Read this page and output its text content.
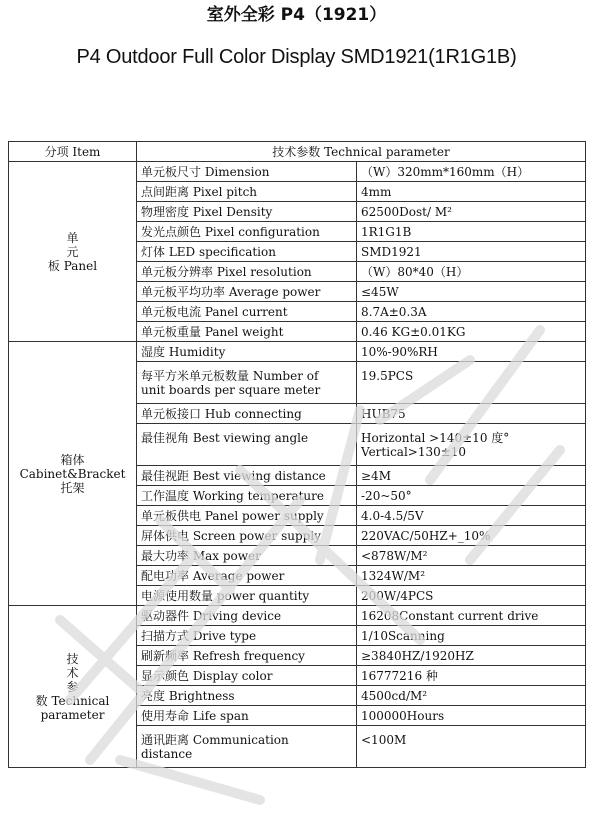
室外全彩 P4（1921）
P4 Outdoor Full Color Display SMD1921(1R1G1B)
分项 Item	技术参数 Technical parameter	

单
元
板 Panel	单元板尺寸 Dimension	（W）320mm*160mm（H）

	点间距离 Pixel pitch	4mm

	物理密度 Pixel Density	62500Dost/ M²

	发光点颜色 Pixel configuration	1R1G1B

	灯体 LED specification	SMD1921

	单元板分辨率 Pixel resolution	（W）80*40（H）

	单元板平均功率 Average power	≤45W

	单元板电流 Panel current	8.7A±0.3A

	单元板重量 Panel weight	0.46 KG±0.01KG

箱体
Cabinet&Bracket
托架	湿度 Humidity	10%-90%RH

	每平方米单元板数量 Number of
unit boards per square meter	19.5PCS

	单元板接口 Hub connecting	HUB75

	最佳视角 Best viewing angle	Horizontal >140±10 度°
Vertical>130±10

	最佳视距 Best viewing distance	≥4M

	工作温度 Working temperature	-20~50°

	单元板供电 Panel power supply	4.0-4.5/5V

	屏体供电 Screen power supply	220VAC/50HZ+_10%

	最大功率 Max power	<878W/M²

	配电功率 Average power	1324W/M²

	电源使用数量 power quantity	200W/4PCS

技
术
参
数 Technical
parameter	驱动器件 Driving device	16208Constant current drive

	扫描方式 Drive type	1/10Scanning

	刷新频率 Refresh frequency	≥3840HZ/1920HZ

	显示颜色 Display color	16777216 种

	亮度 Brightness	4500cd/M²

	使用寿命 Life span	100000Hours

	通讯距离 Communication
distance	<100M
